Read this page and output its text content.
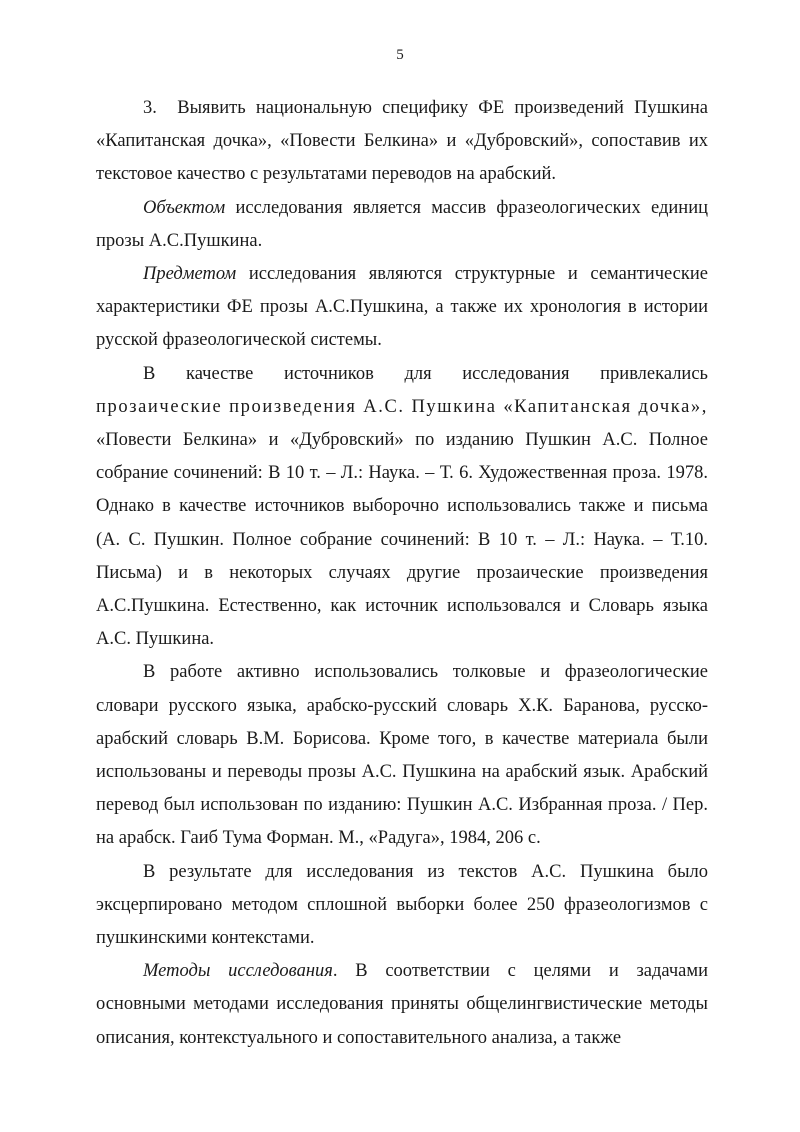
5

3.  Выявить национальную специфику ФЕ произведений Пушкина «Капитанская дочка», «Повести Белкина» и «Дубровский», сопоставив их текстовое качество с результатами переводов на арабский.

Объектом исследования является массив фразеологических единиц прозы А.С.Пушкина.

Предметом исследования являются структурные и семантические характеристики ФЕ прозы А.С.Пушкина, а также их хронология в истории русской фразеологической системы.

В качестве источников для исследования привлекались
прозаические произведения А.С. Пушкина «Капитанская дочка», «Повести Белкина» и «Дубровский» по изданию Пушкин А.С. Полное собрание сочинений: В 10 т. – Л.: Наука. – Т. 6. Художественная проза. 1978. Однако в качестве источников выборочно использовались также и письма (А. С. Пушкин. Полное собрание сочинений: В 10 т. – Л.: Наука. – Т.10. Письма) и в некоторых случаях другие прозаические произведения А.С.Пушкина. Естественно, как источник использовался и Словарь языка А.С. Пушкина.

В работе активно использовались толковые и фразеологические словари русского языка, арабско-русский словарь Х.К. Баранова, русско-арабский словарь В.М. Борисова. Кроме того, в качестве материала были использованы и переводы прозы А.С. Пушкина на арабский язык. Арабский перевод был использован по изданию: Пушкин А.С. Избранная проза. / Пер. на арабск. Гаиб Тума Форман. М., «Радуга», 1984, 206 с.

В результате для исследования из текстов А.С. Пушкина было эксцерпировано методом сплошной выборки более 250 фразеологизмов с пушкинскими контекстами.

Методы исследования. В соответствии с целями и задачами основными методами исследования приняты общелингвистические методы описания, контекстуального и сопоставительного анализа, а также
